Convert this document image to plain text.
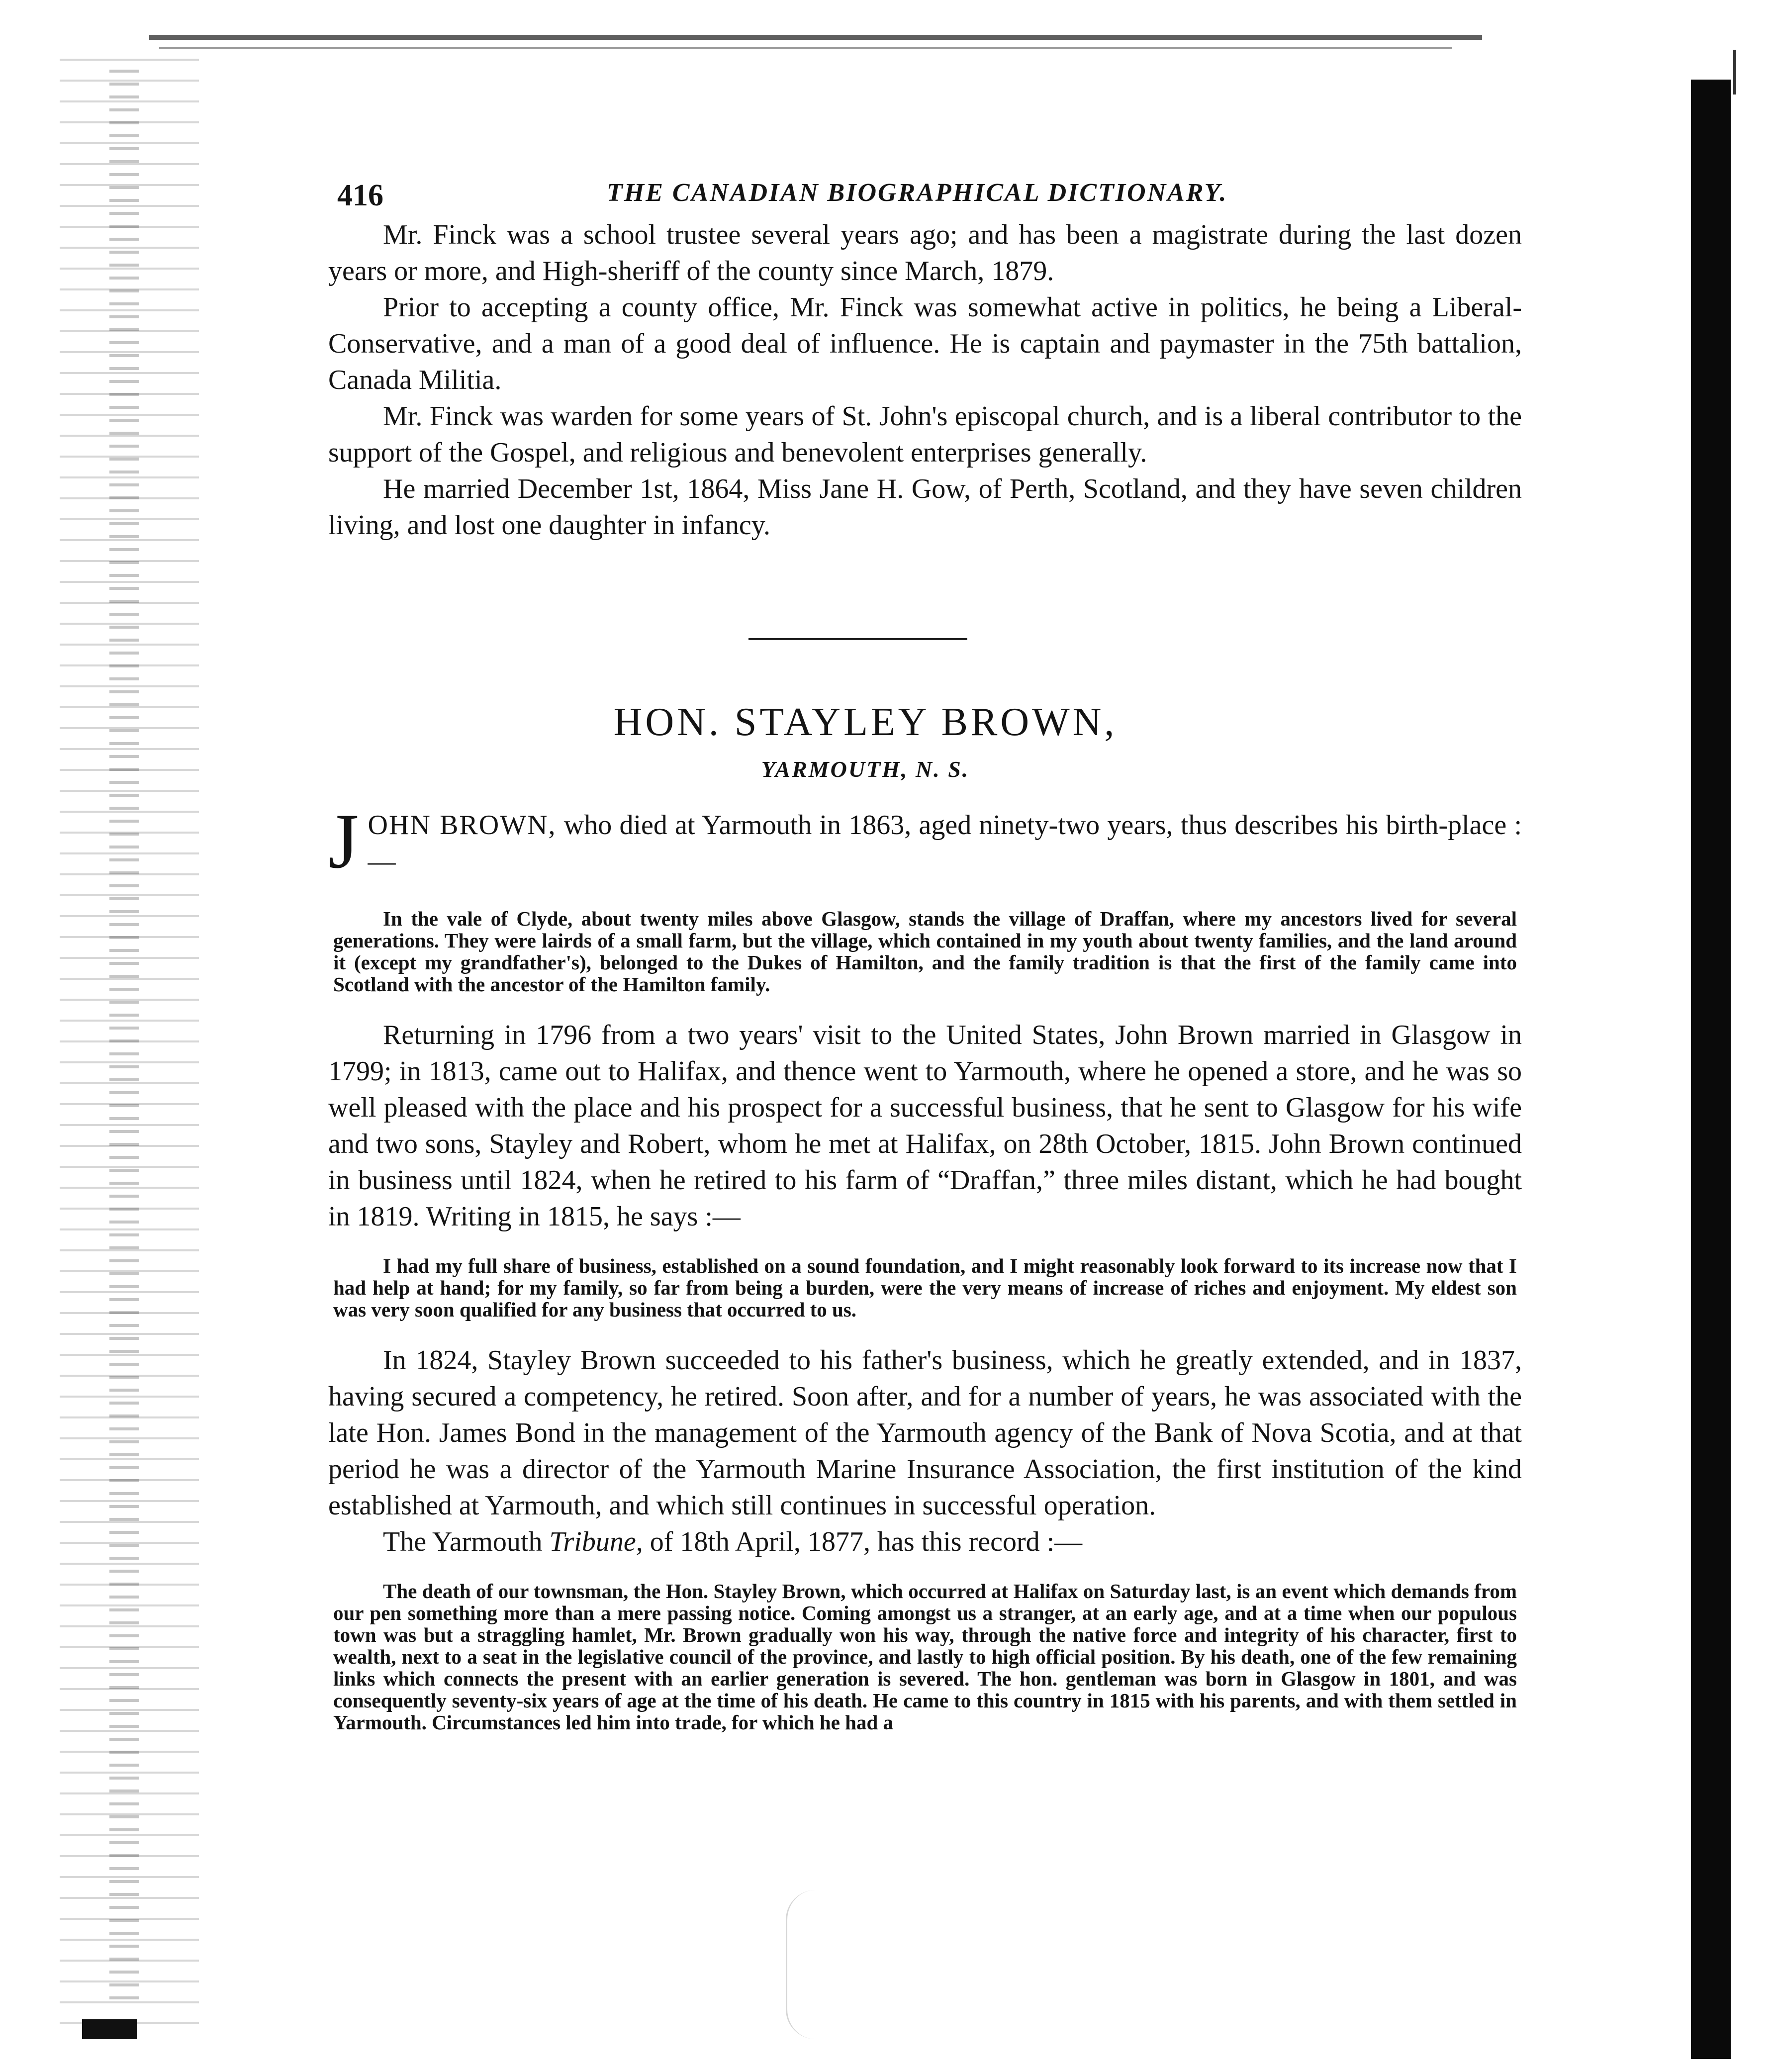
416	THE CANADIAN BIOGRAPHICAL DICTIONARY.

Mr. Finck was a school trustee several years ago; and has been a magistrate during the last dozen years or more, and High-sheriff of the county since March, 1879.

Prior to accepting a county office, Mr. Finck was somewhat active in politics, he being a Liberal-Conservative, and a man of a good deal of influence. He is captain and paymaster in the 75th battalion, Canada Militia.

Mr. Finck was warden for some years of St. John's episcopal church, and is a liberal contributor to the support of the Gospel, and religious and benevolent enterprises generally.

He married December 1st, 1864, Miss Jane H. Gow, of Perth, Scotland, and they have seven children living, and lost one daughter in infancy.

HON. STAYLEY BROWN,
YARMOUTH, N. S.
J OHN BROWN, who died at Yarmouth in 1863, aged ninety-two years, thus describes his birth-place :—

In the vale of Clyde, about twenty miles above Glasgow, stands the village of Draffan, where my ancestors lived for several generations. They were lairds of a small farm, but the village, which contained in my youth about twenty families, and the land around it (except my grandfather's), belonged to the Dukes of Hamilton, and the family tradition is that the first of the family came into Scotland with the ancestor of the Hamilton family.

Returning in 1796 from a two years' visit to the United States, John Brown married in Glasgow in 1799; in 1813, came out to Halifax, and thence went to Yarmouth, where he opened a store, and he was so well pleased with the place and his prospect for a successful business, that he sent to Glasgow for his wife and two sons, Stayley and Robert, whom he met at Halifax, on 28th October, 1815. John Brown continued in business until 1824, when he retired to his farm of “Draffan,” three miles distant, which he had bought in 1819. Writing in 1815, he says :—

I had my full share of business, established on a sound foundation, and I might reasonably look forward to its increase now that I had help at hand; for my family, so far from being a burden, were the very means of increase of riches and enjoyment. My eldest son was very soon qualified for any business that occurred to us.

In 1824, Stayley Brown succeeded to his father's business, which he greatly extended, and in 1837, having secured a competency, he retired. Soon after, and for a number of years, he was associated with the late Hon. James Bond in the management of the Yarmouth agency of the Bank of Nova Scotia, and at that period he was a director of the Yarmouth Marine Insurance Association, the first institution of the kind established at Yarmouth, and which still continues in successful operation.

The Yarmouth Tribune, of 18th April, 1877, has this record :—

The death of our townsman, the Hon. Stayley Brown, which occurred at Halifax on Saturday last, is an event which demands from our pen something more than a mere passing notice. Coming amongst us a stranger, at an early age, and at a time when our populous town was but a straggling hamlet, Mr. Brown gradually won his way, through the native force and integrity of his character, first to wealth, next to a seat in the legislative council of the province, and lastly to high official position. By his death, one of the few remaining links which connects the present with an earlier generation is severed. The hon. gentleman was born in Glasgow in 1801, and was consequently seventy-six years of age at the time of his death. He came to this country in 1815 with his parents, and with them settled in Yarmouth. Circumstances led him into trade, for which he had a
